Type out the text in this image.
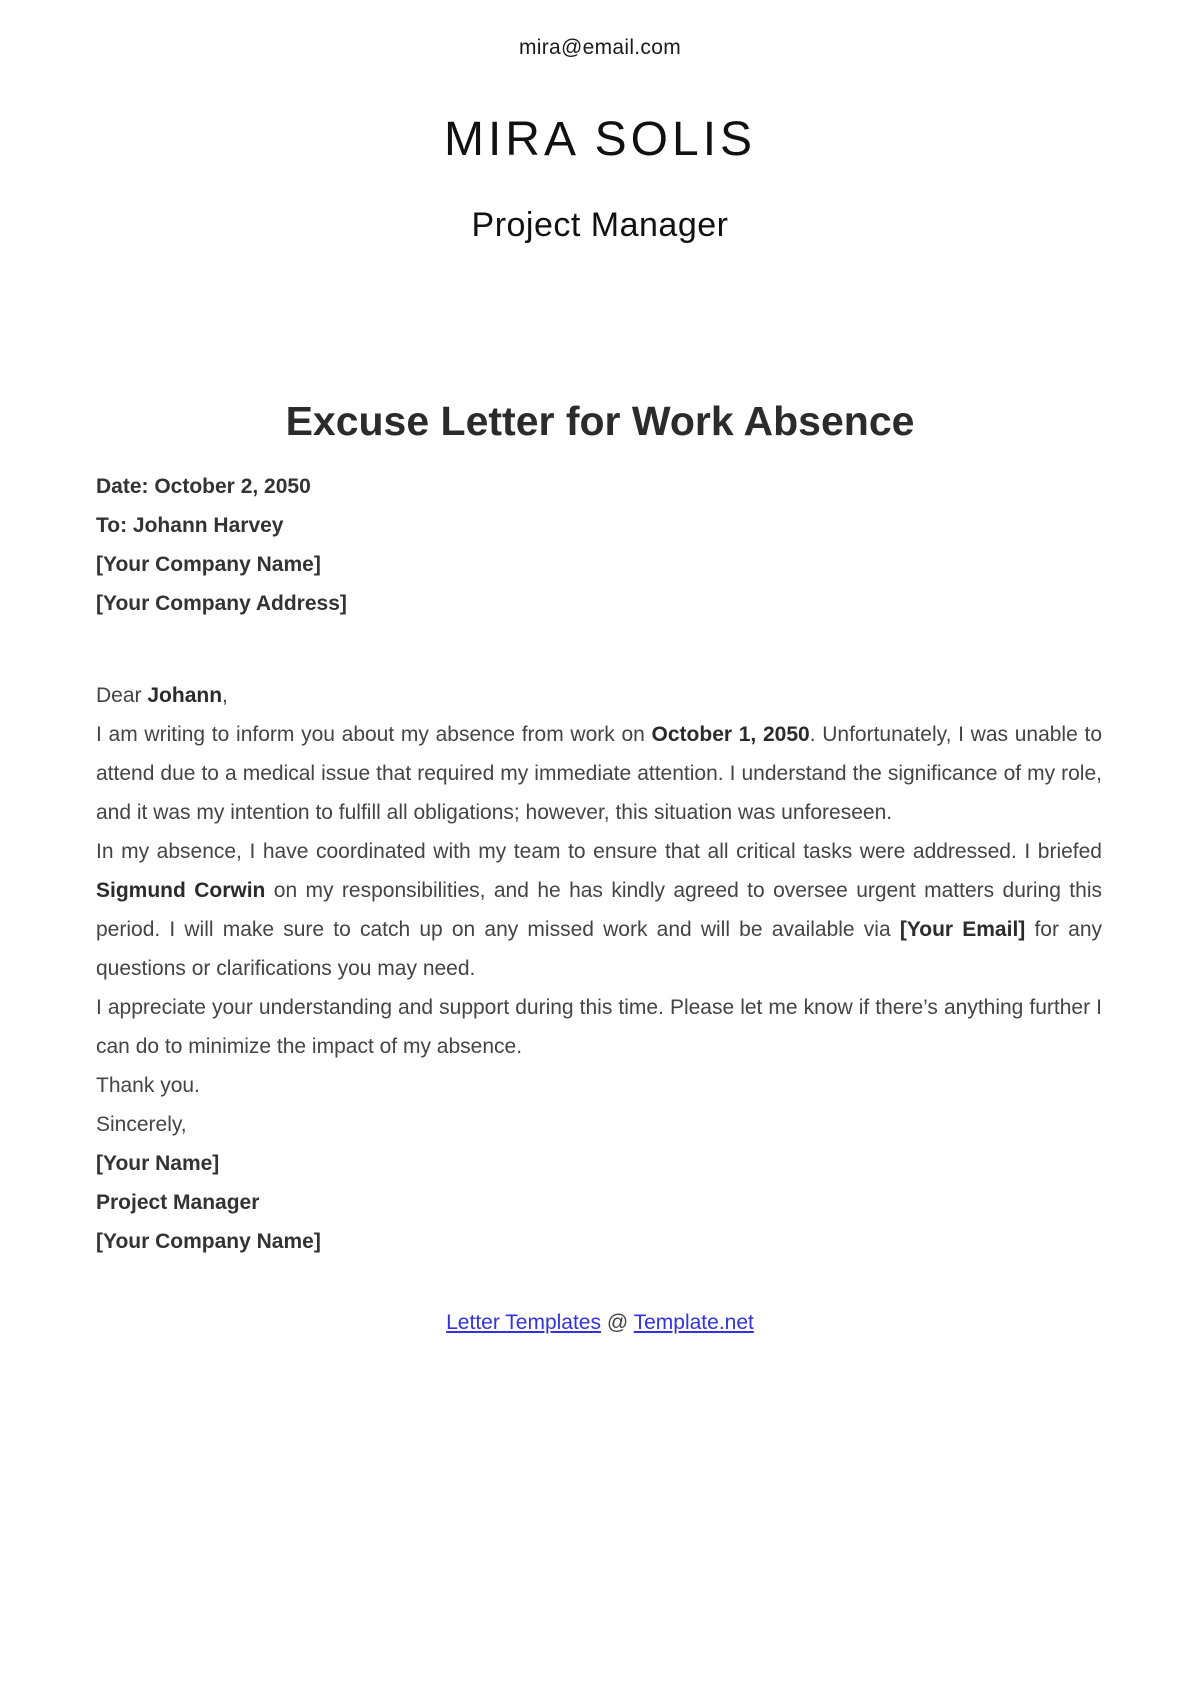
mira@email.com
MIRA SOLIS
Project Manager
Excuse Letter for Work Absence
Date: October 2, 2050
To: Johann Harvey
[Your Company Name]
[Your Company Address]

Dear Johann,

I am writing to inform you about my absence from work on October 1, 2050. Unfortunately, I was unable to attend due to a medical issue that required my immediate attention. I understand the significance of my role, and it was my intention to fulfill all obligations; however, this situation was unforeseen.

In my absence, I have coordinated with my team to ensure that all critical tasks were addressed. I briefed Sigmund Corwin on my responsibilities, and he has kindly agreed to oversee urgent matters during this period. I will make sure to catch up on any missed work and will be available via [Your Email] for any questions or clarifications you may need.

I appreciate your understanding and support during this time. Please let me know if there’s anything further I can do to minimize the impact of my absence.

Thank you.

Sincerely,

[Your Name]

Project Manager

[Your Company Name]

Letter Templates @ Template.net
